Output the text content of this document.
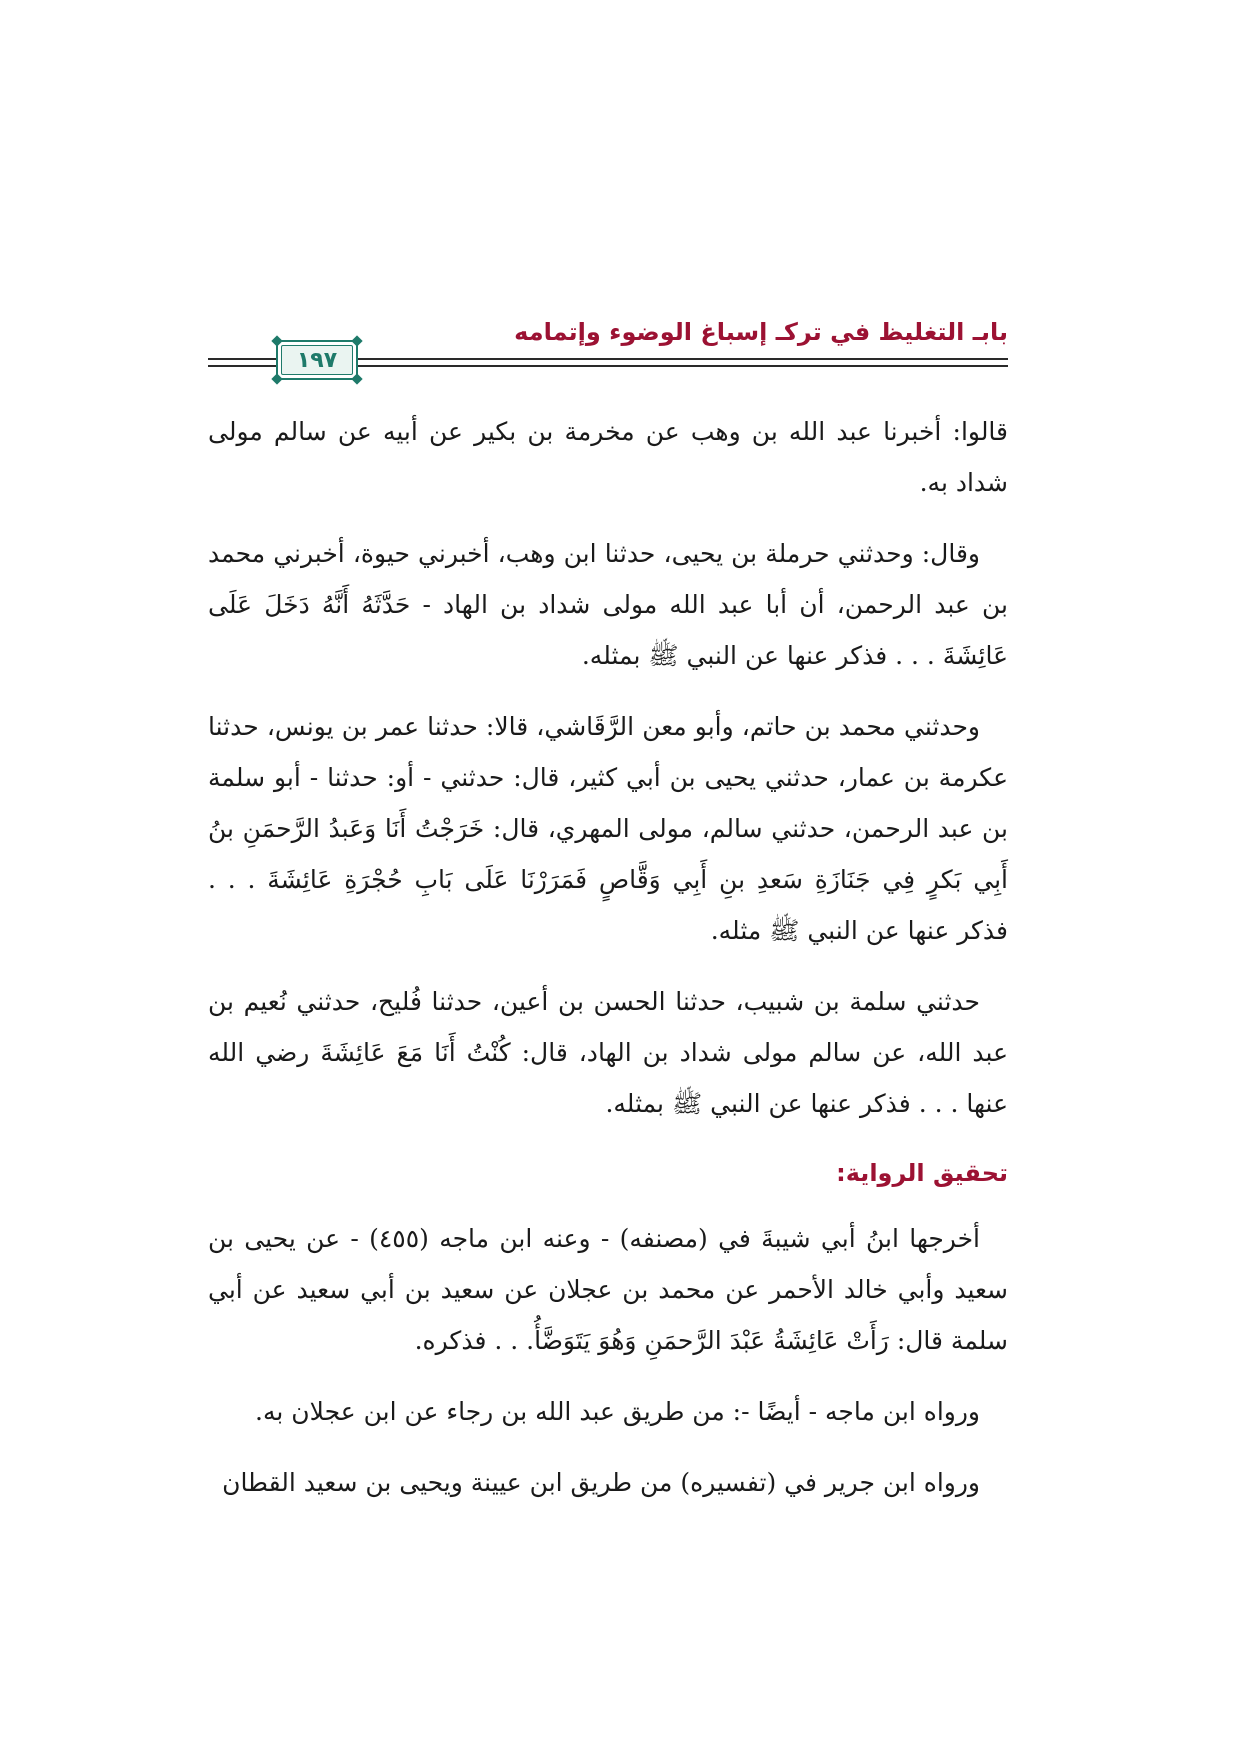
بابـ التغليظ في تركـ إسباغ الوضوء وإتمامه
١٩٧

قالوا: أخبرنا عبد الله بن وهب عن مخرمة بن بكير عن أبيه عن سالم مولى شداد به.

وقال: وحدثني حرملة بن يحيى، حدثنا ابن وهب، أخبرني حيوة، أخبرني محمد بن عبد الرحمن، أن أبا عبد الله مولى شداد بن الهاد - حَدَّثَهُ أَنَّهُ دَخَلَ عَلَى عَائِشَةَ . . . فذكر عنها عن النبي ﷺ بمثله.

وحدثني محمد بن حاتم، وأبو معن الرَّقَاشي، قالا: حدثنا عمر بن يونس، حدثنا عكرمة بن عمار، حدثني يحيى بن أبي كثير، قال: حدثني - أو: حدثنا - أبو سلمة بن عبد الرحمن، حدثني سالم، مولى المهري، قال: خَرَجْتُ أَنَا وَعَبدُ الرَّحمَنِ بنُ أَبِي بَكرٍ فِي جَنَازَةِ سَعدِ بنِ أَبِي وَقَّاصٍ فَمَرَرْنَا عَلَى بَابِ حُجْرَةِ عَائِشَةَ . . . فذكر عنها عن النبي ﷺ مثله.

حدثني سلمة بن شبيب، حدثنا الحسن بن أعين، حدثنا فُليح، حدثني نُعيم بن عبد الله، عن سالم مولى شداد بن الهاد، قال: كُنْتُ أَنَا مَعَ عَائِشَةَ رضي الله عنها . . . فذكر عنها عن النبي ﷺ بمثله.

تحقيق الرواية:

أخرجها ابنُ أبي شيبةَ في (مصنفه) - وعنه ابن ماجه (٤٥٥) - عن يحيى بن سعيد وأبي خالد الأحمر عن محمد بن عجلان عن سعيد بن أبي سعيد عن أبي سلمة قال: رَأَتْ عَائِشَةُ عَبْدَ الرَّحمَنِ وَهُوَ يَتَوَضَّأُ. . . فذكره.

ورواه ابن ماجه - أيضًا -: من طريق عبد الله بن رجاء عن ابن عجلان به.

ورواه ابن جرير في (تفسيره) من طريق ابن عيينة ويحيى بن سعيد القطان
